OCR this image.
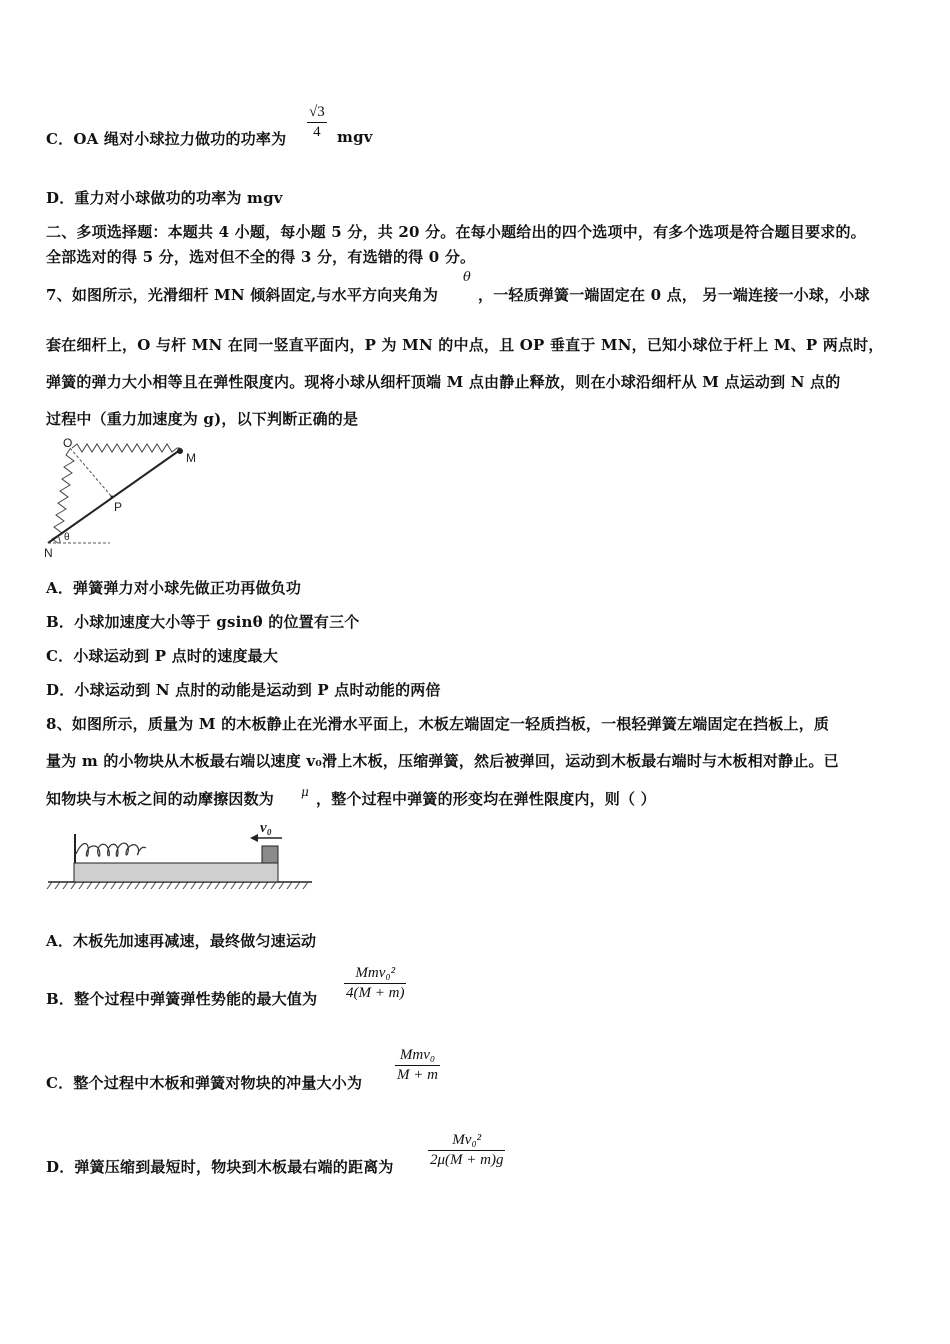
C．OA 绳对小球拉力做功的功率为
√3
4	mgv
D．重力对小球做功的功率为 mgv
二、多项选择题：本题共 4 小题，每小题 5 分，共 20 分。在每小题给出的四个选项中，有多个选项是符合题目要求的。
全部选对的得 5 分，选对但不全的得 3 分，有选错的得 0 分。
7、如图所示，光滑细杆 MN 倾斜固定,与水平方向夹角为
θ
，一轻质弹簧一端固定在 0 点， 另一端连接一小球，小球
套在细杆上，O 与杆 MN 在同一竖直平面内，P 为 MN 的中点，且 OP 垂直于 MN，已知小球位于杆上 M、P 两点时，
弹簧的弹力大小相等且在弹性限度内。现将小球从细杆顶端 M 点由静止释放，则在小球沿细杆从 M 点运动到 N 点的
过程中（重力加速度为 g)，以下判断正确的是
O
M
P
N
θ
A．弹簧弹力对小球先做正功再做负功
B．小球加速度大小等于 gsinθ 的位置有三个
C．小球运动到 P 点时的速度最大
D．小球运动到 N 点肘的动能是运动到 P 点时动能的两倍
8、如图所示，质量为 M 的木板静止在光滑水平面上，木板左端固定一轻质挡板，一根轻弹簧左端固定在挡板上，质
量为 m 的小物块从木板最右端以速度 v₀滑上木板，压缩弹簧，然后被弹回，运动到木板最右端时与木板相对静止。已
知物块与木板之间的动摩擦因数为 μ ，整个过程中弹簧的形变均在弹性限度内，则（ ）
v₀
A．木板先加速再减速，最终做匀速运动
B．整个过程中弹簧弹性势能的最大值为
Mmv₀²
4(M + m)
C．整个过程中木板和弹簧对物块的冲量大小为
Mmv₀
M + m
D．弹簧压缩到最短时，物块到木板最右端的距离为
Mv₀²
2μ(M + m)g
